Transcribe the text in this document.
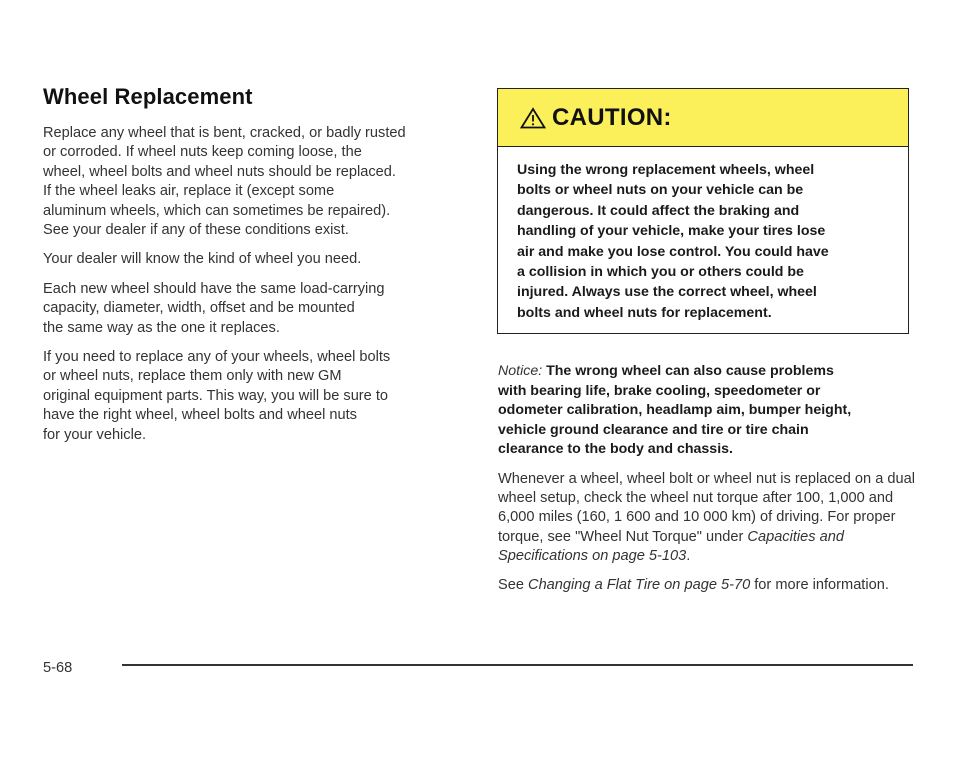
Wheel Replacement

Replace any wheel that is bent, cracked, or badly rusted
or corroded. If wheel nuts keep coming loose, the
wheel, wheel bolts and wheel nuts should be replaced.
If the wheel leaks air, replace it (except some
aluminum wheels, which can sometimes be repaired).
See your dealer if any of these conditions exist.

Your dealer will know the kind of wheel you need.

Each new wheel should have the same load-carrying
capacity, diameter, width, offset and be mounted
the same way as the one it replaces.

If you need to replace any of your wheels, wheel bolts
or wheel nuts, replace them only with new GM
original equipment parts. This way, you will be sure to
have the right wheel, wheel bolts and wheel nuts
for your vehicle.

CAUTION:
Using the wrong replacement wheels, wheel
bolts or wheel nuts on your vehicle can be
dangerous. It could affect the braking and
handling of your vehicle, make your tires lose
air and make you lose control. You could have
a collision in which you or others could be
injured. Always use the correct wheel, wheel
bolts and wheel nuts for replacement.

Notice: The wrong wheel can also cause problems
with bearing life, brake cooling, speedometer or
odometer calibration, headlamp aim, bumper height,
vehicle ground clearance and tire or tire chain
clearance to the body and chassis.

Whenever a wheel, wheel bolt or wheel nut is replaced on a dual wheel setup, check the wheel nut torque after 100, 1,000 and 6,000 miles (160, 1 600 and 10 000 km) of driving. For proper torque, see "Wheel Nut Torque" under Capacities and Specifications on page 5-103.

See Changing a Flat Tire on page 5-70 for more information.

5-68
